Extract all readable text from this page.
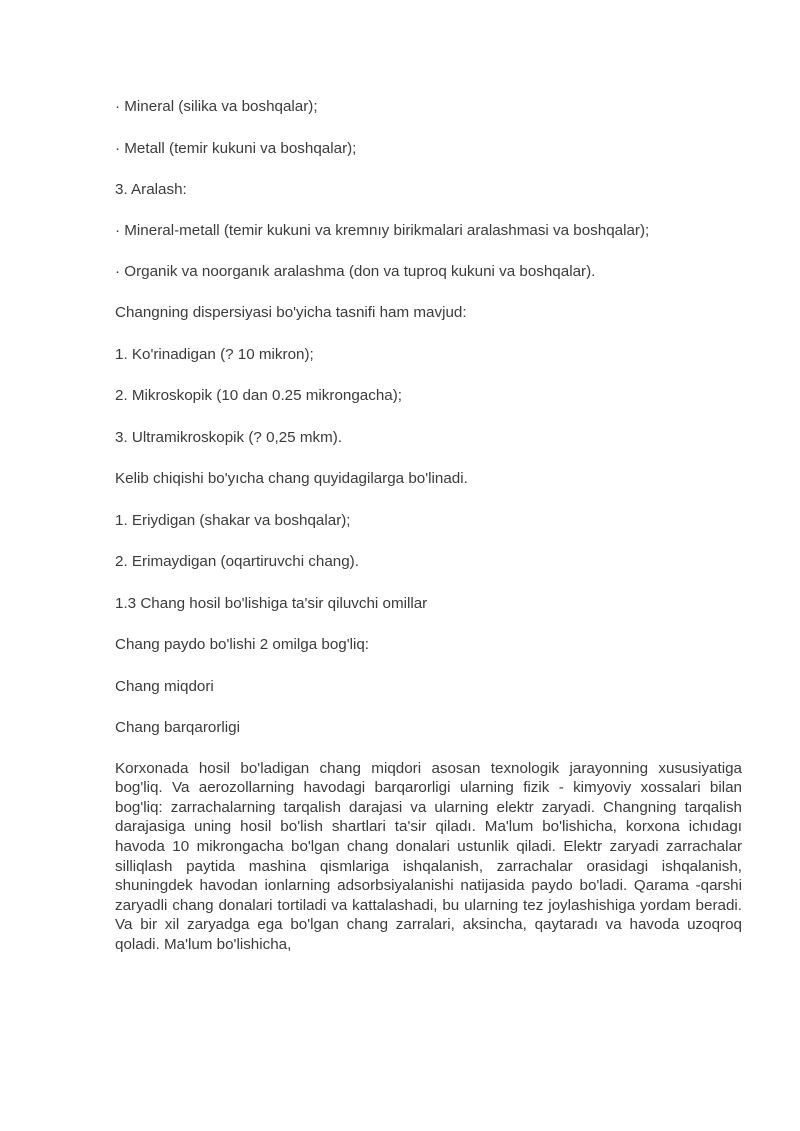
· Mineral (silika va boshqalar);

· Metall (temir kukuni va boshqalar);

3. Aralash:

· Mineral-metall (temir kukuni va kremnıy birikmalari aralashmasi va boshqalar);

· Organik va noorganık aralashma (don va tuproq kukuni va boshqalar).

Changning dispersiyasi bo'yicha tasnifi ham mavjud:

1. Ko'rinadigan (? 10 mikron);

2. Mikroskopik (10 dan 0.25 mikrongacha);

3. Ultramikroskopik (? 0,25 mkm).

Kelib chiqishi bo'yıcha chang quyidagilarga bo'linadi.

1. Eriydigan (shakar va boshqalar);

2. Erimaydigan (oqartiruvchi chang).

1.3 Chang hosil bo'lishiga ta'sir qiluvchi omillar

Chang paydo bo'lishi 2 omilga bog'liq:

Chang miqdori

Chang barqarorligi

Korxonada hosil bo'ladigan chang miqdori asosan texnologik jarayonning xususiyatiga bog'liq. Va aerozollarning havodagi barqarorligi ularning fizik - kimyoviy xossalari bilan bog'liq: zarrachalarning tarqalish darajasi va ularning elektr zaryadi. Changning tarqalish darajasiga uning hosil bo'lish shartlari ta'sir qiladı. Ma'lum bo'lishicha, korxona ichıdagı havoda 10 mikrongacha bo'lgan chang donalari ustunlik qiladi. Elektr zaryadi zarrachalar silliqlash paytida mashina qismlariga ishqalanish, zarrachalar orasidagi ishqalanish, shuningdek havodan ionlarning adsorbsiyalanishi natijasida paydo bo'ladi. Qarama -qarshi zaryadli chang donalari tortiladi va kattalashadi, bu ularning tez joylashishiga yordam beradi. Va bir xil zaryadga ega bo'lgan chang zarralari, aksincha, qaytaradı va havoda uzoqroq qoladi. Ma'lum bo'lishicha,
